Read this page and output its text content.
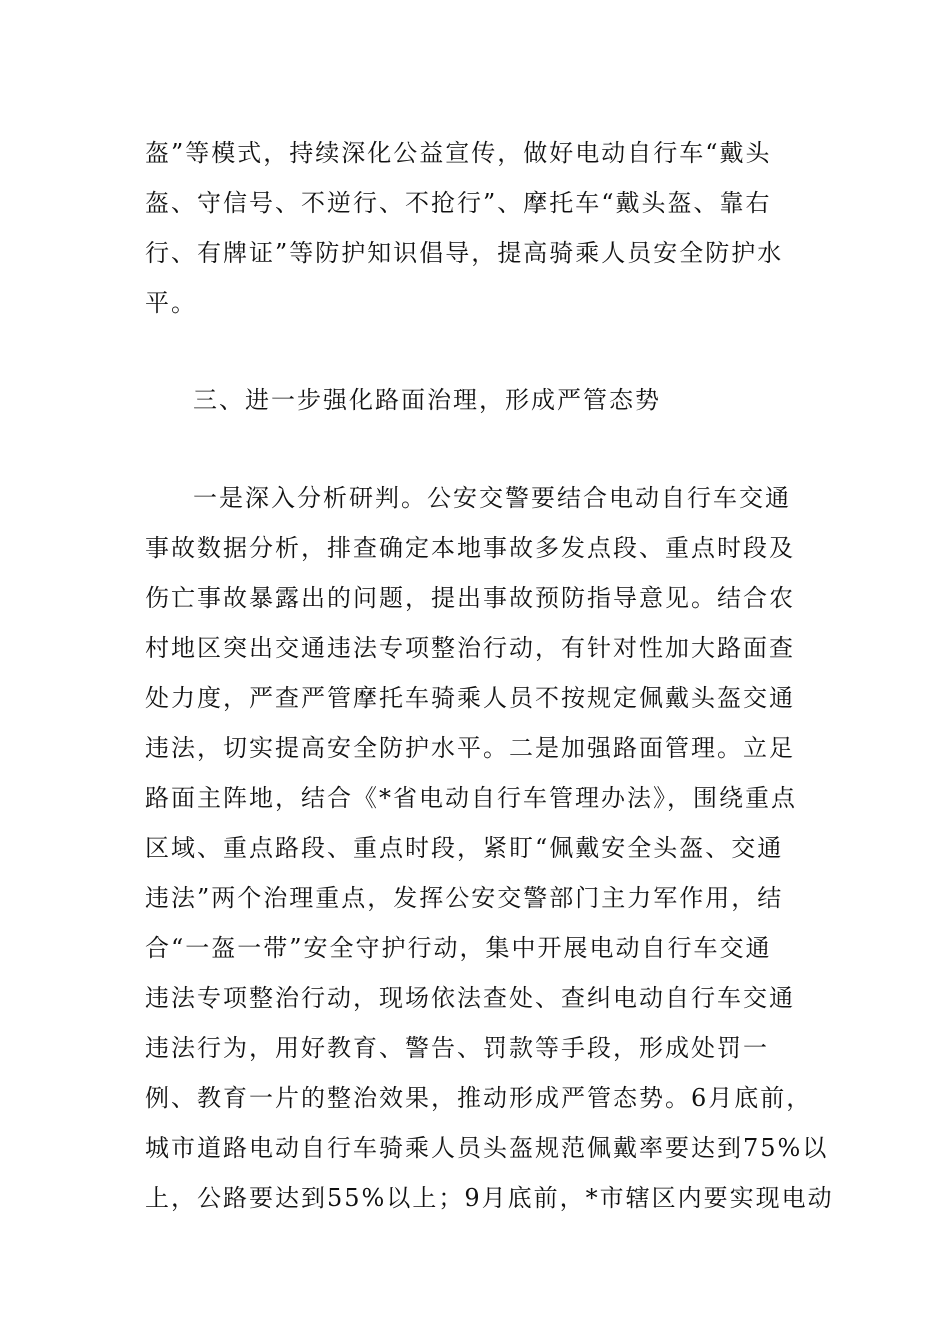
盔”等模式，持续深化公益宣传，做好电动自行车“戴头
盔、守信号、不逆行、不抢行”、摩托车“戴头盔、靠右
行、有牌证”等防护知识倡导，提高骑乘人员安全防护水
平。
三、进一步强化路面治理，形成严管态势
一是深入分析研判。公安交警要结合电动自行车交通
事故数据分析，排查确定本地事故多发点段、重点时段及
伤亡事故暴露出的问题，提出事故预防指导意见。结合农
村地区突出交通违法专项整治行动，有针对性加大路面查
处力度，严查严管摩托车骑乘人员不按规定佩戴头盔交通
违法，切实提高安全防护水平。二是加强路面管理。立足
路面主阵地，结合《*省电动自行车管理办法》，围绕重点
区域、重点路段、重点时段，紧盯“佩戴安全头盔、交通
违法”两个治理重点，发挥公安交警部门主力军作用，结
合“一盔一带”安全守护行动，集中开展电动自行车交通
违法专项整治行动，现场依法查处、查纠电动自行车交通
违法行为，用好教育、警告、罚款等手段，形成处罚一
例、教育一片的整治效果，推动形成严管态势。6月底前，
城市道路电动自行车骑乘人员头盔规范佩戴率要达到75%以
上，公路要达到55%以上；9月底前，*市辖区内要实现电动
